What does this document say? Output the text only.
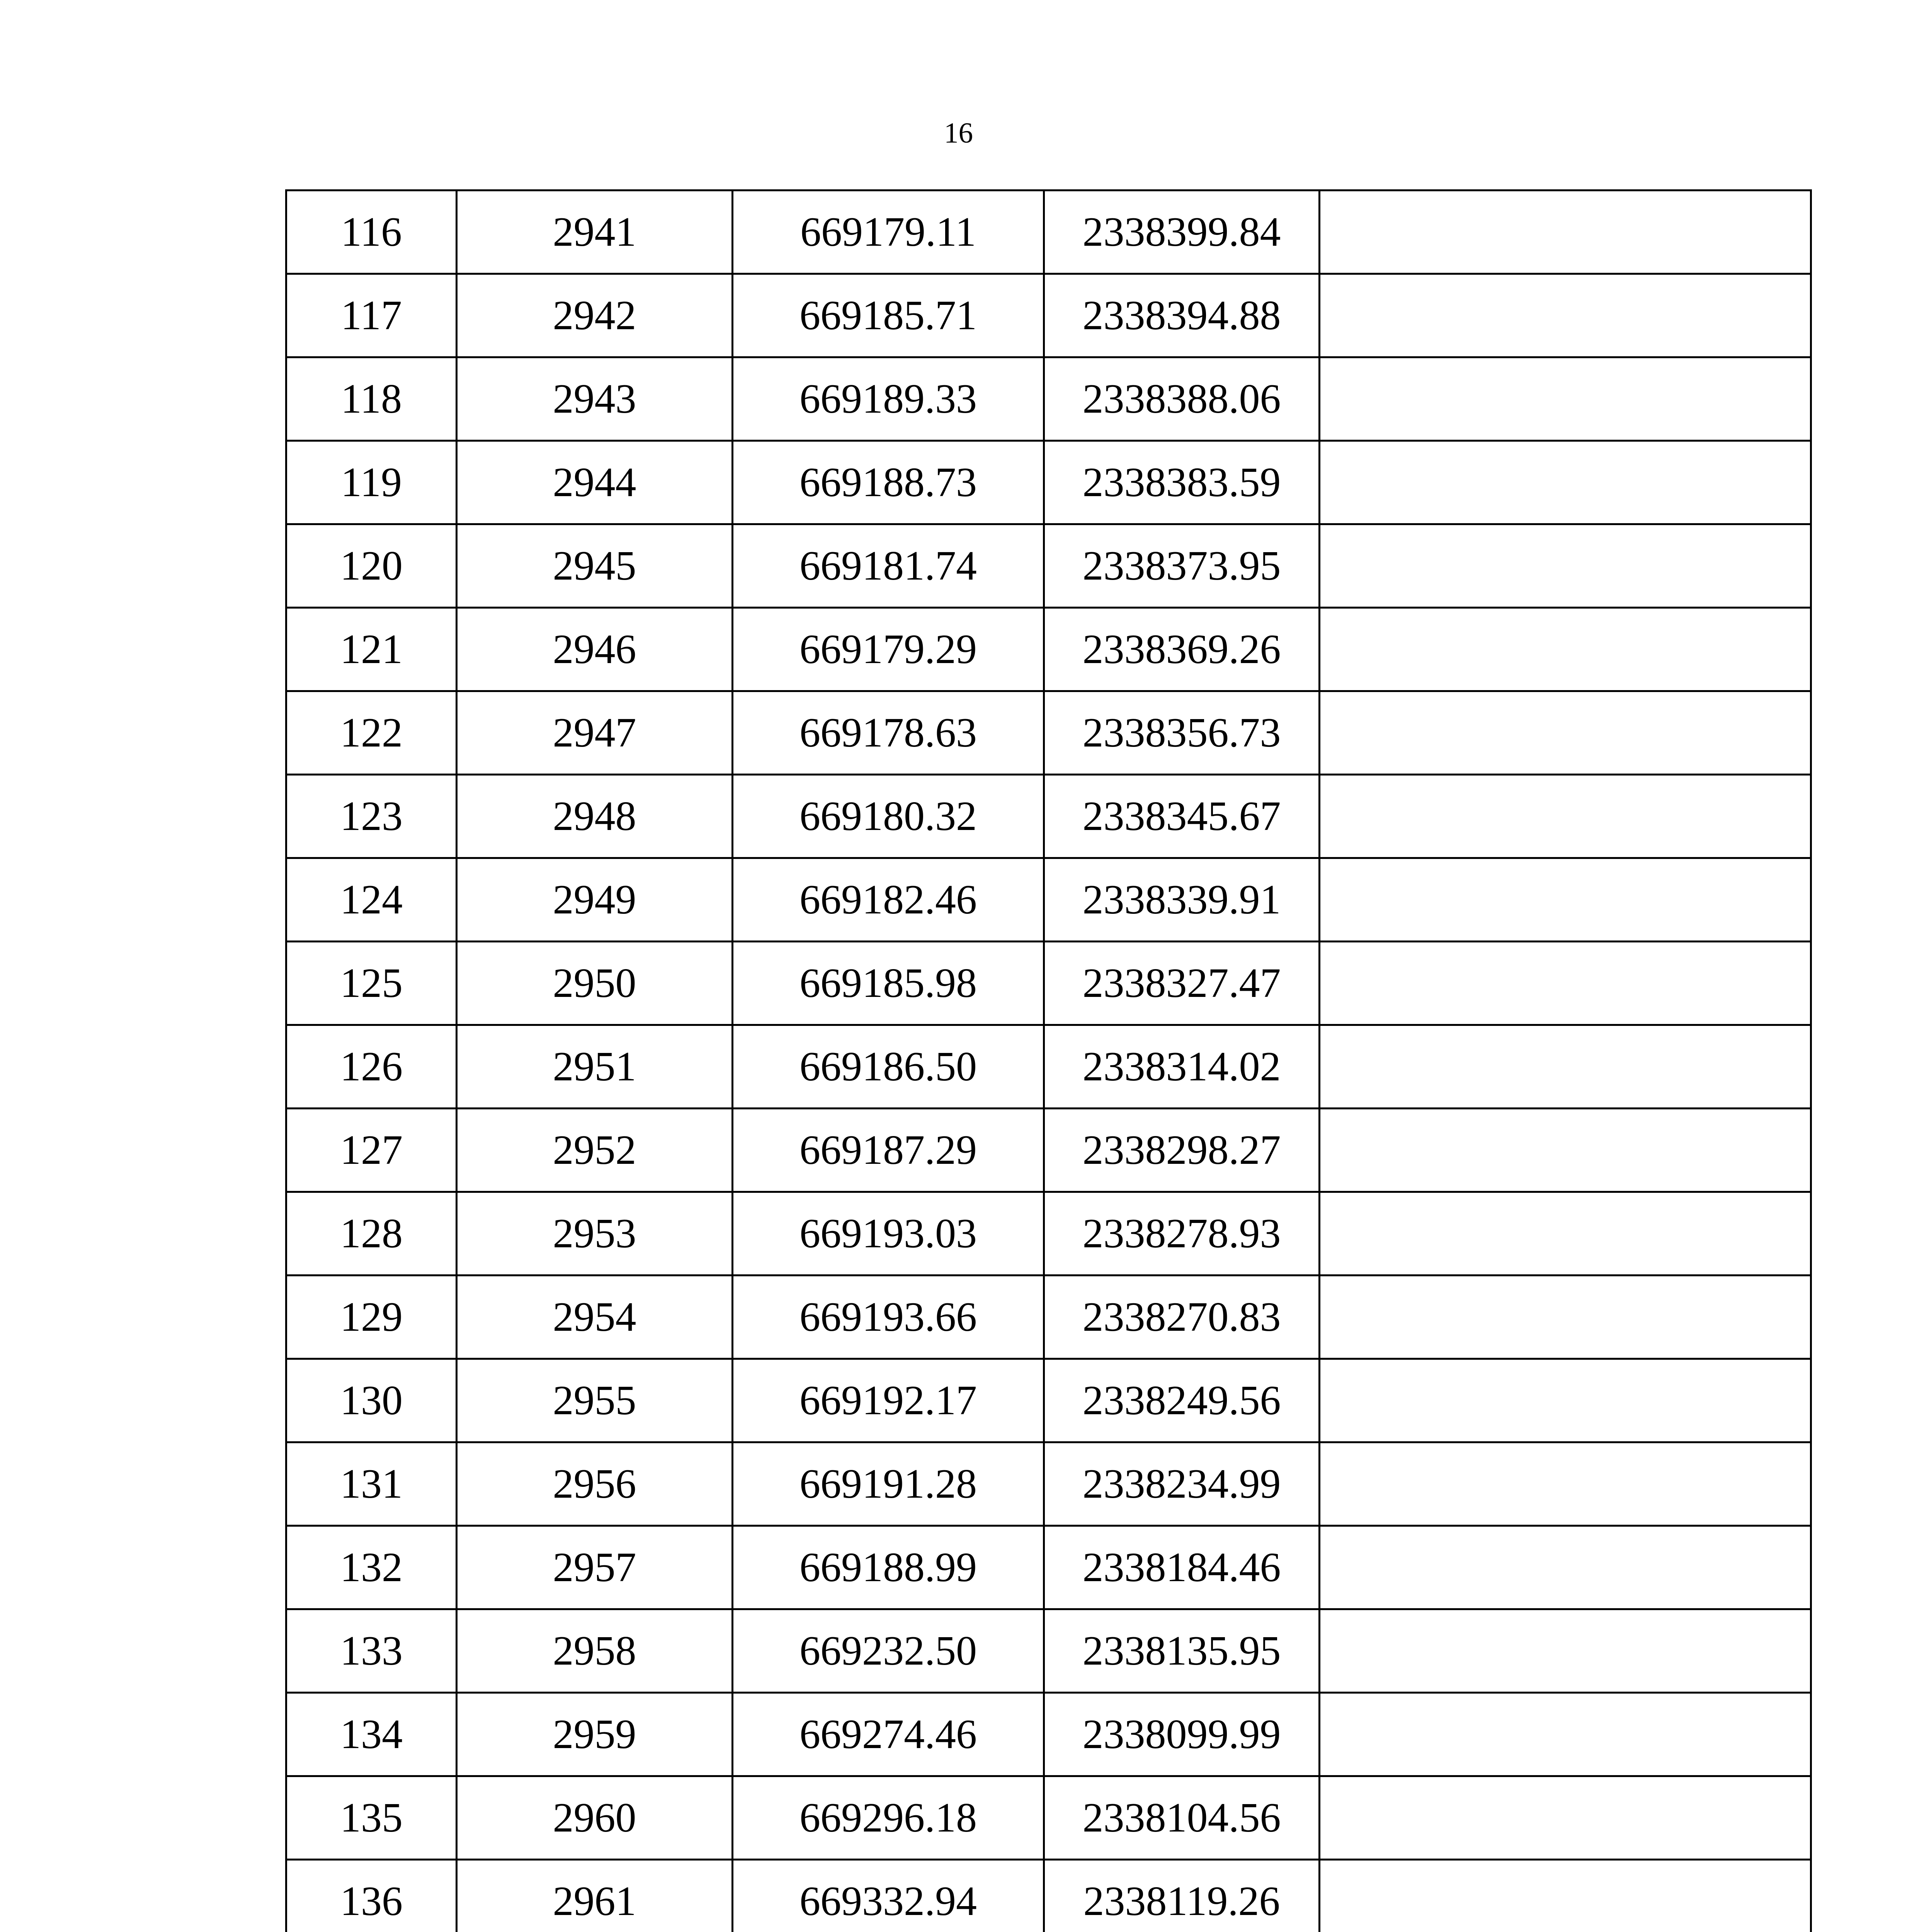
16
116	2941	669179.11	2338399.84	
117	2942	669185.71	2338394.88	
118	2943	669189.33	2338388.06	
119	2944	669188.73	2338383.59	
120	2945	669181.74	2338373.95	
121	2946	669179.29	2338369.26	
122	2947	669178.63	2338356.73	
123	2948	669180.32	2338345.67	
124	2949	669182.46	2338339.91	
125	2950	669185.98	2338327.47	
126	2951	669186.50	2338314.02	
127	2952	669187.29	2338298.27	
128	2953	669193.03	2338278.93	
129	2954	669193.66	2338270.83	
130	2955	669192.17	2338249.56	
131	2956	669191.28	2338234.99	
132	2957	669188.99	2338184.46	
133	2958	669232.50	2338135.95	
134	2959	669274.46	2338099.99	
135	2960	669296.18	2338104.56	
136	2961	669332.94	2338119.26	
